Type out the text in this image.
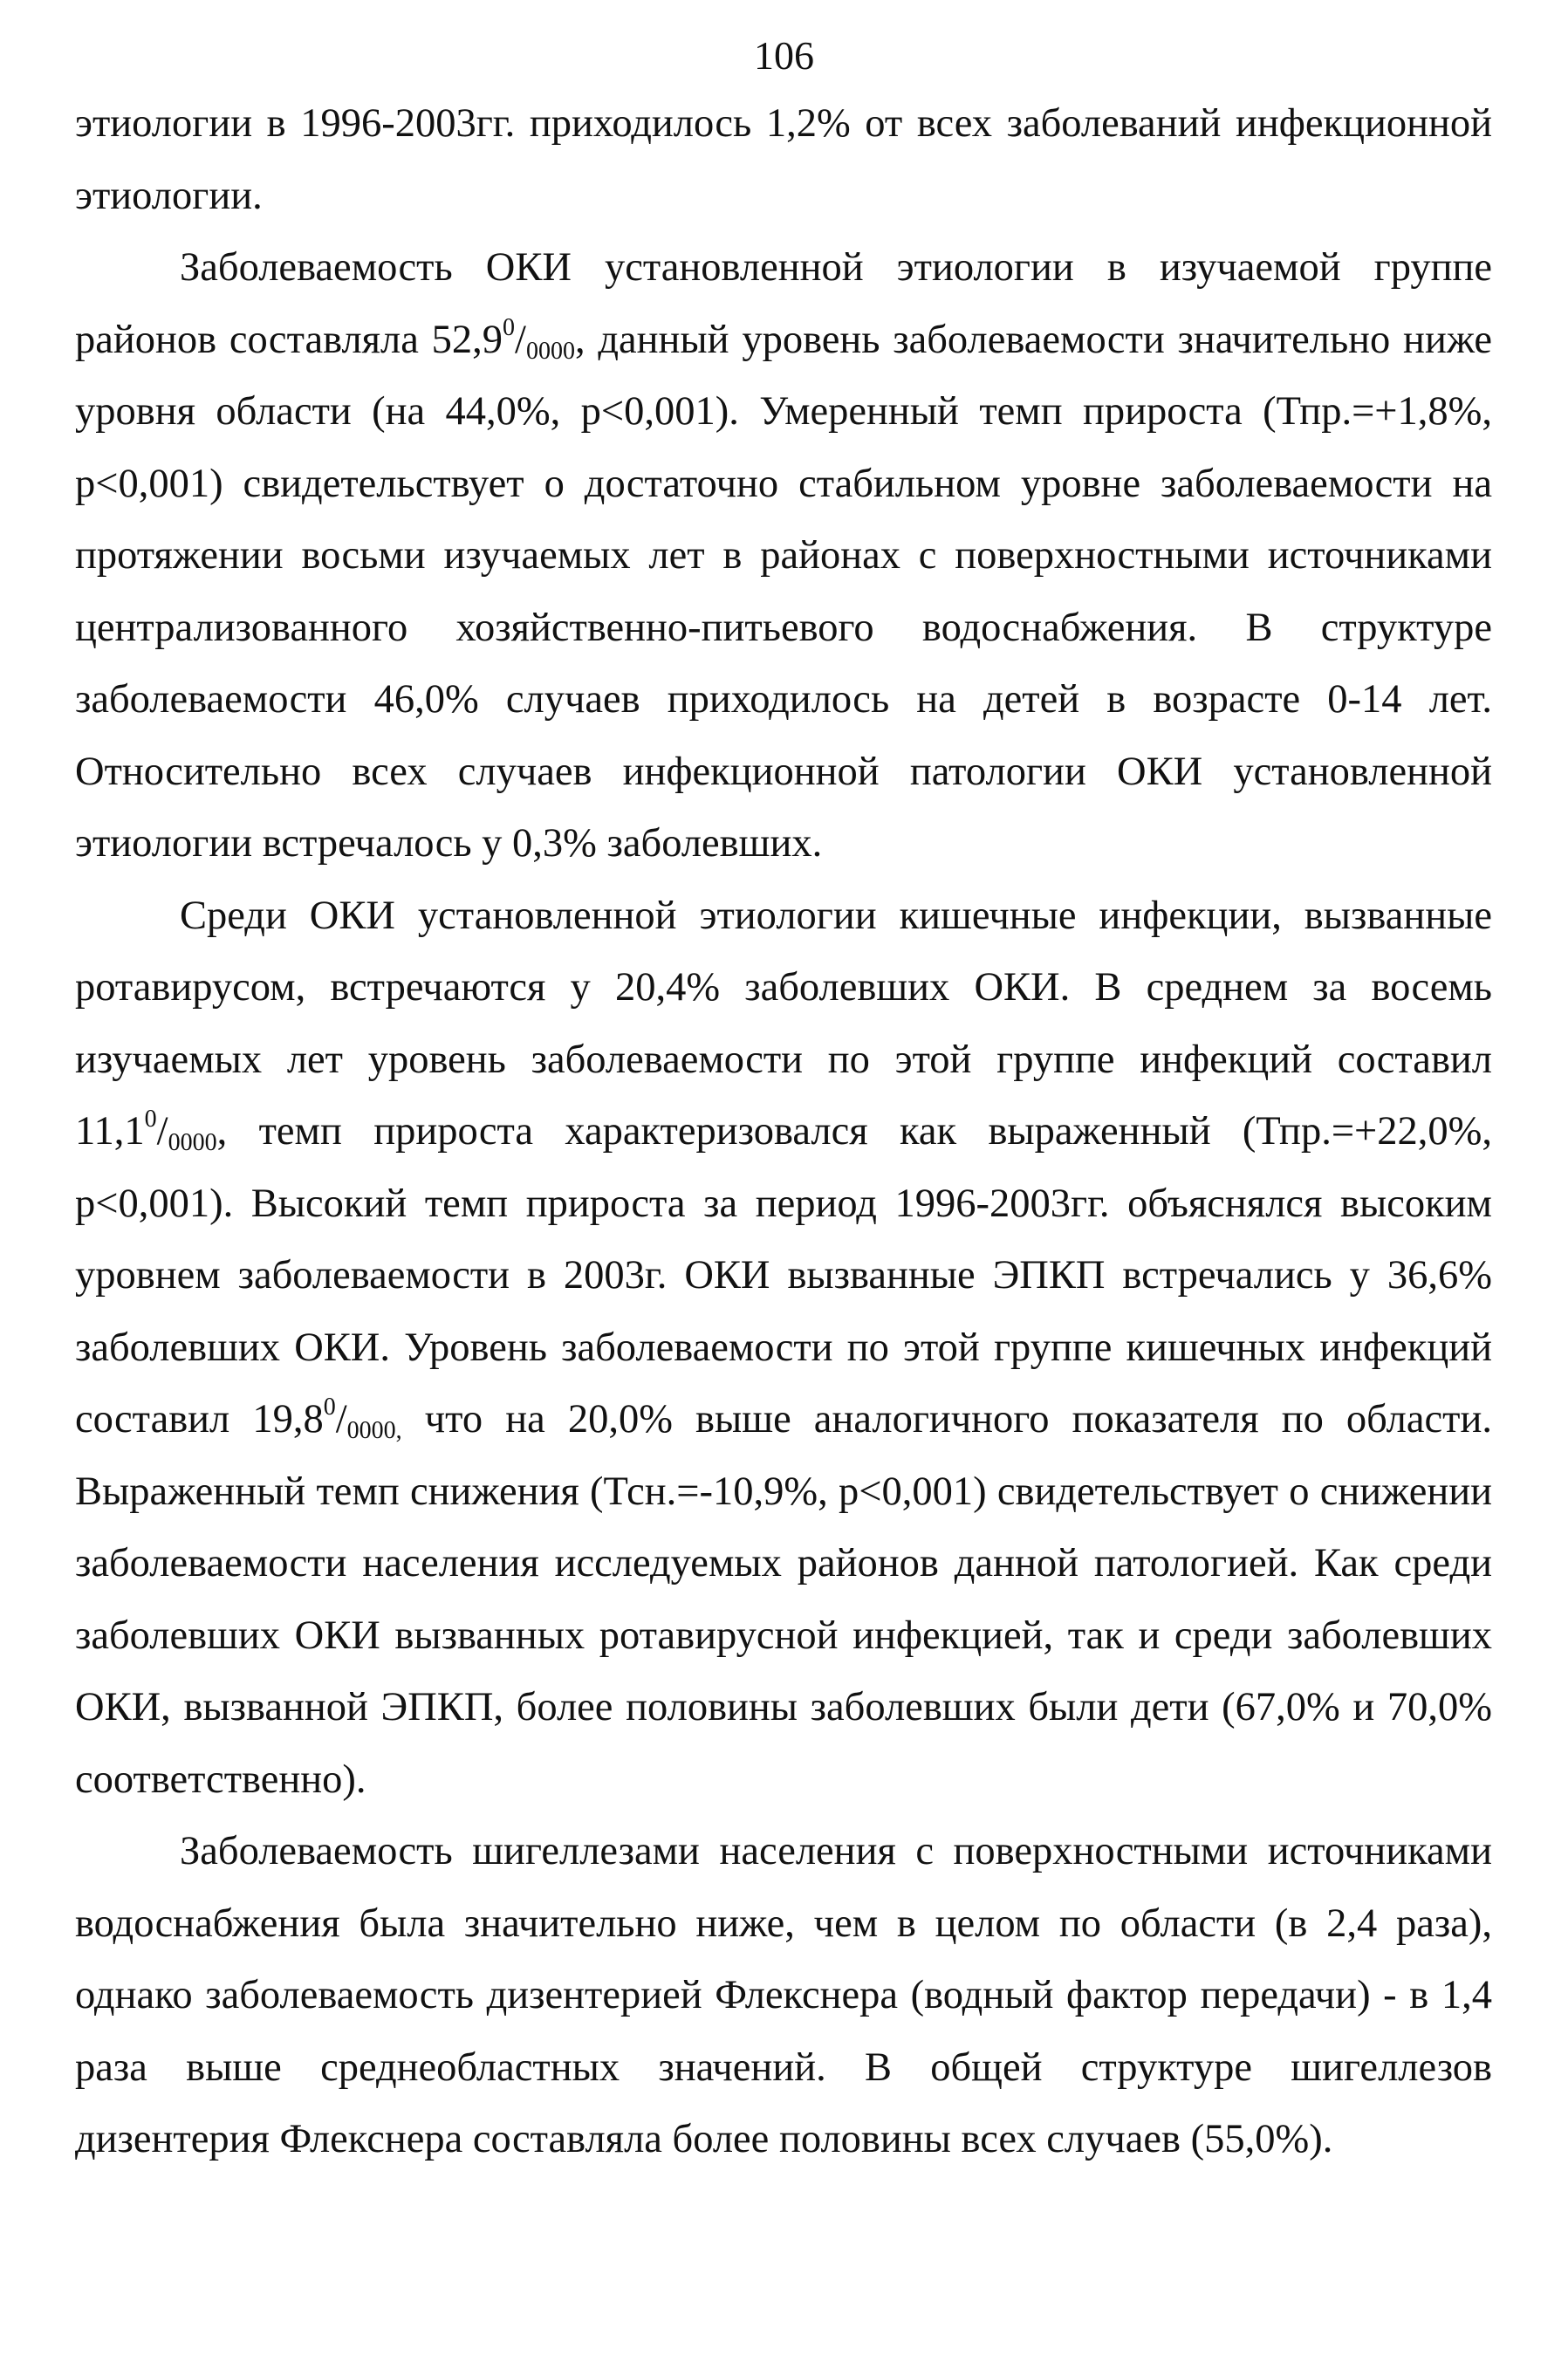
106

этиологии в 1996-2003гг. приходилось 1,2% от всех заболеваний инфекционной этиологии.

Заболеваемость ОКИ установленной этиологии в изучаемой группе районов составляла $52,9^0/_{0000}$, данный уровень заболеваемости значительно ниже уровня области (на 44,0%, р<0,001). Умеренный темп прироста (Тпр.=+1,8%, р<0,001) свидетельствует о достаточно стабильном уровне заболеваемости на протяжении восьми изучаемых лет в районах с поверхностными источниками централизованного хозяйственно-питьевого водоснабжения. В структуре заболеваемости 46,0% случаев приходилось на детей в возрасте 0-14 лет. Относительно всех случаев инфекционной патологии ОКИ установленной этиологии встречалось у 0,3% заболевших.

Среди ОКИ установленной этиологии кишечные инфекции, вызванные ротавирусом, встречаются у 20,4% заболевших ОКИ. В среднем за восемь изучаемых лет уровень заболеваемости по этой группе инфекций составил $11,1^0/_{0000}$, темп прироста характеризовался как выраженный (Тпр.=+22,0%, р<0,001). Высокий темп прироста за период 1996-2003гг. объяснялся высоким уровнем заболеваемости в 2003г. ОКИ вызванные ЭПКП встречались у 36,6% заболевших ОКИ. Уровень заболеваемости по этой группе кишечных инфекций составил $19,8^0/_{0000,}$ что на 20,0% выше аналогичного показателя по области. Выраженный темп снижения (Тсн.=-10,9%, р<0,001) свидетельствует о снижении заболеваемости населения исследуемых районов данной патологией. Как среди заболевших ОКИ вызванных ротавирусной инфекцией, так и среди заболевших ОКИ, вызванной ЭПКП, более половины заболевших были дети (67,0% и 70,0% соответственно).

Заболеваемость шигеллезами населения с поверхностными источниками водоснабжения была значительно ниже, чем в целом по области (в 2,4 раза), однако заболеваемость дизентерией Флекснера (водный фактор передачи) - в 1,4 раза выше среднеобластных значений. В общей структуре шигеллезов дизентерия Флекснера составляла более половины всех случаев (55,0%).
